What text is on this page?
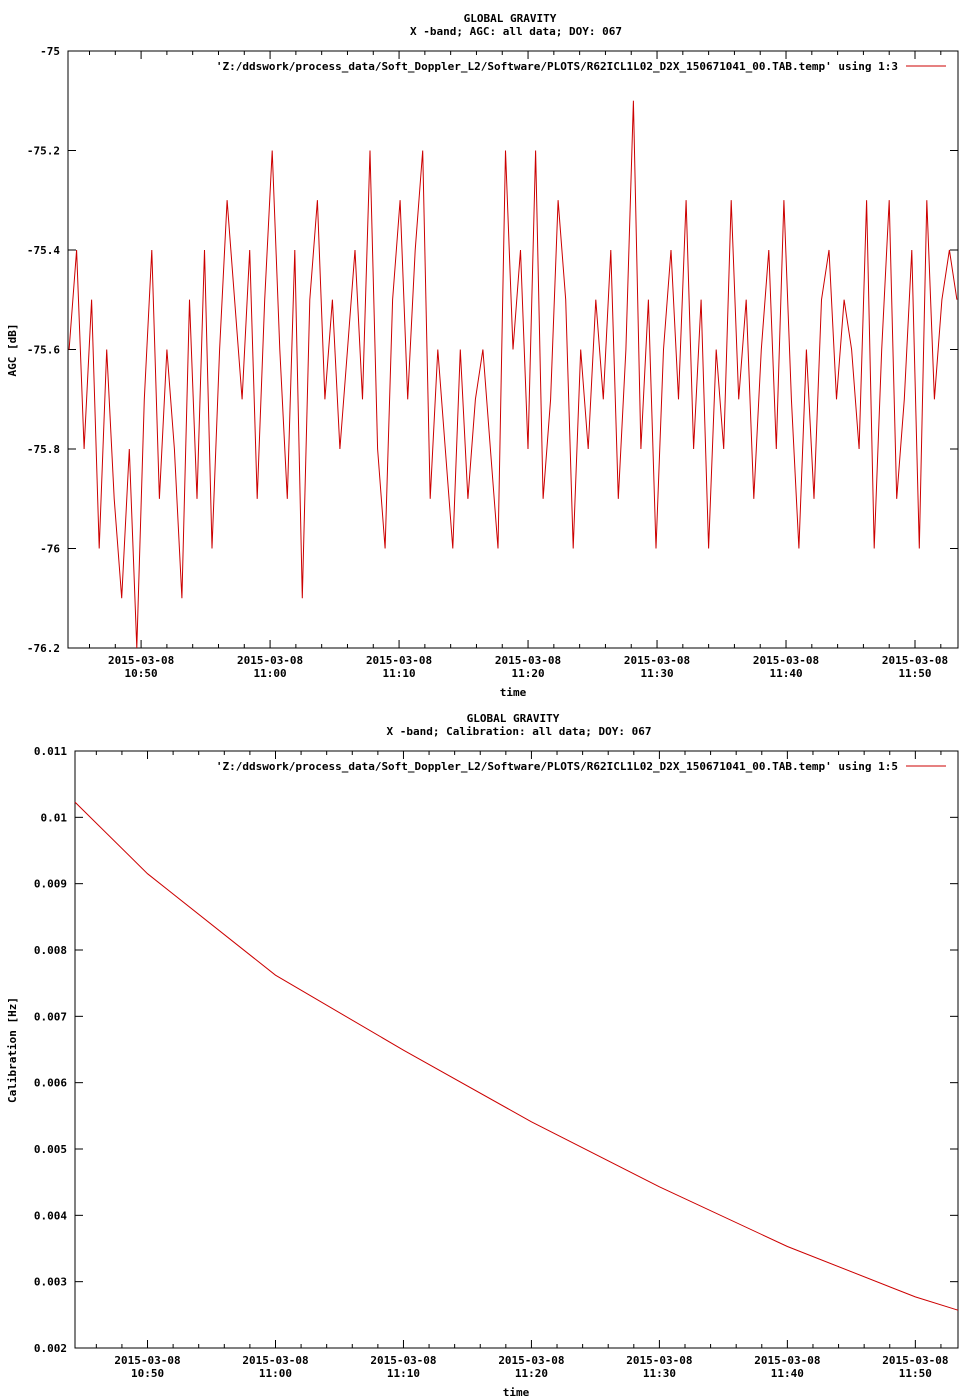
GLOBAL GRAVITY
X -band; AGC: all data; DOY: 067
-75
-75.2
-75.4
-75.6
-75.8
-76
-76.2
2015-03-08
10:50
2015-03-08
11:00
2015-03-08
11:10
2015-03-08
11:20
2015-03-08
11:30
2015-03-08
11:40
2015-03-08
11:50
AGC [dB]
time
'Z:/ddswork/process_data/Soft_Doppler_L2/Software/PLOTS/R62ICL1L02_D2X_150671041_00.TAB.temp' using 1:3
GLOBAL GRAVITY
X -band; Calibration: all data; DOY: 067
0.011
0.01
0.009
0.008
0.007
0.006
0.005
0.004
0.003
0.002
2015-03-08
10:50
2015-03-08
11:00
2015-03-08
11:10
2015-03-08
11:20
2015-03-08
11:30
2015-03-08
11:40
2015-03-08
11:50
Calibration [Hz]
time
'Z:/ddswork/process_data/Soft_Doppler_L2/Software/PLOTS/R62ICL1L02_D2X_150671041_00.TAB.temp' using 1:5
